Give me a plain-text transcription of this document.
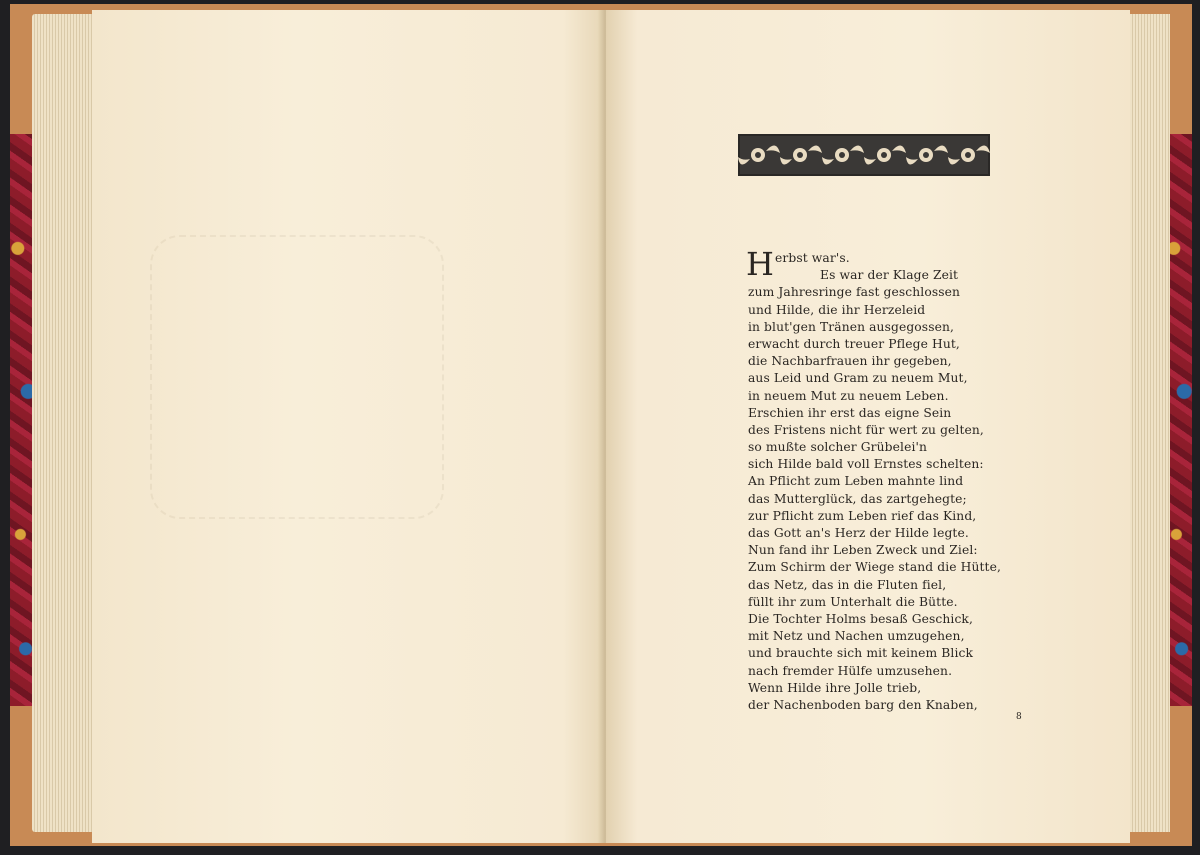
Herbst war's.
Es war der Klage Zeit
zum Jahresringe fast geschlossen
und Hilde, die ihr Herzeleid
in blut'gen Tränen ausgegossen,
erwacht durch treuer Pflege Hut,
die Nachbarfrauen ihr gegeben,
aus Leid und Gram zu neuem Mut,
in neuem Mut zu neuem Leben.
Erschien ihr erst das eigne Sein
des Fristens nicht für wert zu gelten,
so mußte solcher Grübelei'n
sich Hilde bald voll Ernstes schelten:
An Pflicht zum Leben mahnte lind
das Mutterglück, das zartgehegte;
zur Pflicht zum Leben rief das Kind,
das Gott an's Herz der Hilde legte.
Nun fand ihr Leben Zweck und Ziel:
Zum Schirm der Wiege stand die Hütte,
das Netz, das in die Fluten fiel,
füllt ihr zum Unterhalt die Bütte.
Die Tochter Holms besaß Geschick,
mit Netz und Nachen umzugehen,
und brauchte sich mit keinem Blick
nach fremder Hülfe umzusehen.
Wenn Hilde ihre Jolle trieb,
der Nachenboden barg den Knaben,
8
